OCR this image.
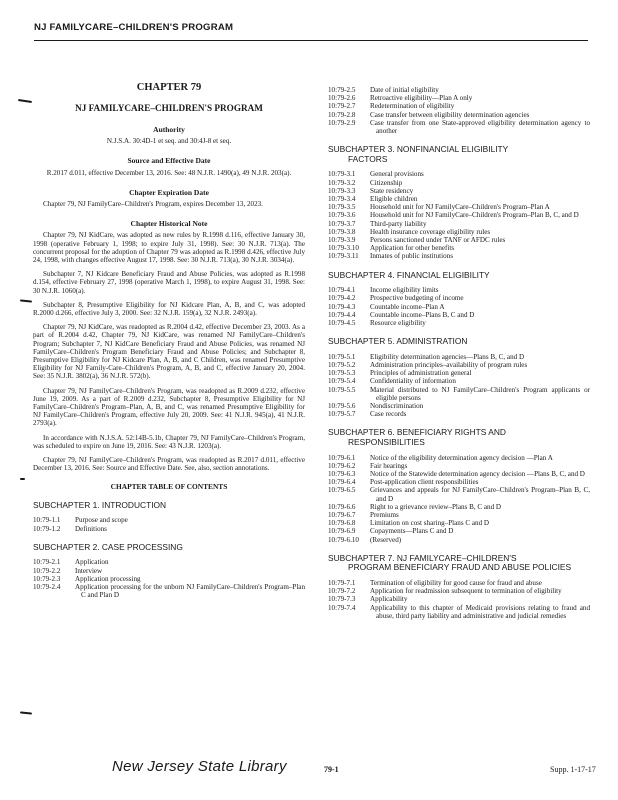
NJ FAMILYCARE–CHILDREN'S PROGRAM
CHAPTER 79
NJ FAMILYCARE–CHILDREN'S PROGRAM
Authority
N.J.S.A. 30:4D-1 et seq. and 30:4J-8 et seq.
Source and Effective Date
R.2017 d.011, effective December 13, 2016. See: 48 N.J.R. 1490(a), 49 N.J.R. 203(a).
Chapter Expiration Date
Chapter 79, NJ FamilyCare–Children's Program, expires December 13, 2023.
Chapter Historical Note
Chapter 79, NJ KidCare, was adopted as new rules by R.1998 d.116, effective January 30, 1998 (operative February 1, 1998; to expire July 31, 1998). See: 30 N.J.R. 713(a). The concurrent proposal for the adoption of Chapter 79 was adopted as R.1998 d.426, effective July 24, 1998, with changes effective August 17, 1998. See: 30 N.J.R. 713(a), 30 N.J.R. 3034(a).
Subchapter 7, NJ Kidcare Beneficiary Fraud and Abuse Policies, was adopted as R.1998 d.154, effective February 27, 1998 (operative March 1, 1998), to expire August 31, 1998. See: 30 N.J.R. 1060(a).
Subchapter 8, Presumptive Eligibility for NJ Kidcare Plan, A, B, and C, was adopted R.2000 d.266, effective July 3, 2000. See: 32 N.J.R. 159(a), 32 N.J.R. 2493(a).
Chapter 79, NJ KidCare, was readopted as R.2004 d.42, effective December 23, 2003. As a part of R.2004 d.42, Chapter 79, NJ KidCare, was renamed NJ FamilyCare–Children's Program; Subchapter 7, NJ KidCare Beneficiary Fraud and Abuse Policies, was renamed NJ FamilyCare–Children's Program Beneficiary Fraud and Abuse Policies; and Subchapter 8, Presumptive Eligibility for NJ Kidcare Plan, A, B, and C Children, was renamed Presumptive Eligibility for NJ Family-Care–Children's Program, A, B, and C, effective January 20, 2004. See: 35 N.J.R. 3802(a), 36 N.J.R. 572(b).
Chapter 79, NJ FamilyCare–Children's Program, was readopted as R.2009 d.232, effective June 19, 2009. As a part of R.2009 d.232, Subchapter 8, Presumptive Eligibility for NJ FamilyCare–Children's Program–Plan, A, B, and C, was renamed Presumptive Eligibility for NJ FamilyCare–Children's Program, effective July 20, 2009. See: 41 N.J.R. 945(a), 41 N.J.R. 2793(a).
In accordance with N.J.S.A. 52:14B-5.1b, Chapter 79, NJ FamilyCare–Children's Program, was scheduled to expire on June 19, 2016. See: 43 N.J.R. 1203(a).
Chapter 79, NJ FamilyCare–Children's Program, was readopted as R.2017 d.011, effective December 13, 2016. See: Source and Effective Date. See, also, section annotations.
CHAPTER TABLE OF CONTENTS
SUBCHAPTER 1. INTRODUCTION
10:79-1.1	Purpose and scope
10:79-1.2	Definitions
SUBCHAPTER 2. CASE PROCESSING
10:79-2.1	Application
10:79-2.2	Interview
10:79-2.3	Application processing
10:79-2.4	Application processing for the unborn NJ FamilyCare–Children's Program–Plan C and Plan D
10:79-2.5	Date of initial eligibility
10:79-2.6	Retroactive eligibility—Plan A only
10:79-2.7	Redetermination of eligibility
10:79-2.8	Case transfer between eligibility determination agencies
10:79-2.9	Case transfer from one State-approved eligibility determination agency to another
SUBCHAPTER 3. NONFINANCIAL ELIGIBILITY
FACTORS
10:79-3.1	General provisions
10:79-3.2	Citizenship
10:79-3.3	State residency
10:79-3.4	Eligible children
10:79-3.5	Household unit for NJ FamilyCare–Children's Program–Plan A
10:79-3.6	Household unit for NJ FamilyCare–Children's Program–Plan B, C, and D
10:79-3.7	Third-party liability
10:79-3.8	Health insurance coverage eligibility rules
10:79-3.9	Persons sanctioned under TANF or AFDC rules
10:79-3.10	Application for other benefits
10:79-3.11	Inmates of public institutions
SUBCHAPTER 4. FINANCIAL ELIGIBILITY
10:79-4.1	Income eligibility limits
10:79-4.2	Prospective budgeting of income
10:79-4.3	Countable income–Plan A
10:79-4.4	Countable income–Plans B, C and D
10:79-4.5	Resource eligibility
SUBCHAPTER 5. ADMINISTRATION
10:79-5.1	Eligibility determination agencies—Plans B, C, and D
10:79-5.2	Administration principles–availability of program rules
10:79-5.3	Principles of administration general
10:79-5.4	Confidentiality of information
10:79-5.5	Material distributed to NJ FamilyCare–Children's Program applicants or eligible persons
10:79-5.6	Nondiscrimination
10:79-5.7	Case records
SUBCHAPTER 6. BENEFICIARY RIGHTS AND
RESPONSIBILITIES
10:79-6.1	Notice of the eligibility determination agency decision —Plan A
10:79-6.2	Fair hearings
10:79-6.3	Notice of the Statewide determination agency decision —Plans B, C, and D
10:79-6.4	Post-application client responsibilities
10:79-6.5	Grievances and appeals for NJ FamilyCare–Children's Program–Plan B, C, and D
10:79-6.6	Right to a grievance review–Plans B, C and D
10:79-6.7	Premiums
10:79-6.8	Limitation on cost sharing–Plans C and D
10:79-6.9	Copayments—Plans C and D
10:79-6.10	(Reserved)
SUBCHAPTER 7. NJ FAMILYCARE–CHILDREN'S
PROGRAM BENEFICIARY FRAUD AND ABUSE POLICIES
10:79-7.1	Termination of eligibility for good cause for fraud and abuse
10:79-7.2	Application for readmission subsequent to termination of eligibility
10:79-7.3	Applicability
10:79-7.4	Applicability to this chapter of Medicaid provisions relating to fraud and abuse, third party liability and administrative and judicial remedies
New Jersey State Library	79-1	Supp. 1-17-17
